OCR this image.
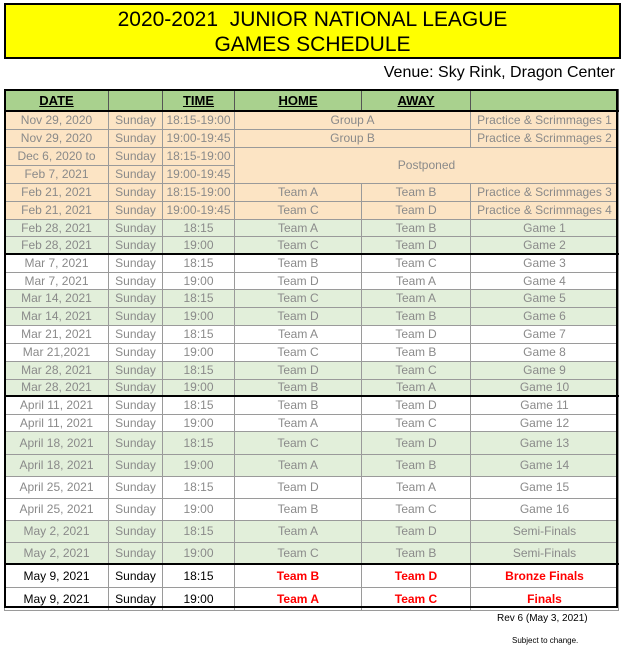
2020-2021  JUNIOR NATIONAL LEAGUE
GAMES SCHEDULE
Venue: Sky Rink, Dragon Center
DATE		TIME	HOME	AWAY	
Nov 29, 2020	Sunday	18:15-19:00	Group A		Practice & Scrimmages 1
Nov 29, 2020	Sunday	19:00-19:45	Group B		Practice & Scrimmages 2
Dec 6, 2020 to	Sunday	18:15-19:00	Postponed		
Feb 7, 2021	Sunday	19:00-19:45			
Feb 21, 2021	Sunday	18:15-19:00	Team A	Team B	Practice & Scrimmages 3
Feb 21, 2021	Sunday	19:00-19:45	Team C	Team D	Practice & Scrimmages 4
Feb 28, 2021	Sunday	18:15	Team A	Team B	Game 1
Feb 28, 2021	Sunday	19:00	Team C	Team D	Game 2
Mar 7, 2021	Sunday	18:15	Team B	Team C	Game 3
Mar 7, 2021	Sunday	19:00	Team D	Team A	Game 4
Mar 14, 2021	Sunday	18:15	Team C	Team A	Game 5
Mar 14, 2021	Sunday	19:00	Team D	Team B	Game 6
Mar 21, 2021	Sunday	18:15	Team A	Team D	Game 7
Mar 21,2021	Sunday	19:00	Team C	Team B	Game 8
Mar 28, 2021	Sunday	18:15	Team D	Team C	Game 9
Mar 28, 2021	Sunday	19:00	Team B	Team A	Game 10
April 11, 2021	Sunday	18:15	Team B	Team D	Game 11
April 11, 2021	Sunday	19:00	Team A	Team C	Game 12
April 18, 2021	Sunday	18:15	Team C	Team D	Game 13
April 18, 2021	Sunday	19:00	Team A	Team B	Game 14
April 25, 2021	Sunday	18:15	Team D	Team A	Game 15
April 25, 2021	Sunday	19:00	Team B	Team C	Game 16
May 2, 2021	Sunday	18:15	Team A	Team D	Semi-Finals
May 2, 2021	Sunday	19:00	Team C	Team B	Semi-Finals
May 9, 2021	Sunday	18:15	Team B	Team D	Bronze Finals
May 9, 2021	Sunday	19:00	Team A	Team C	Finals
Rev 6 (May 3, 2021)
Subject to change.
